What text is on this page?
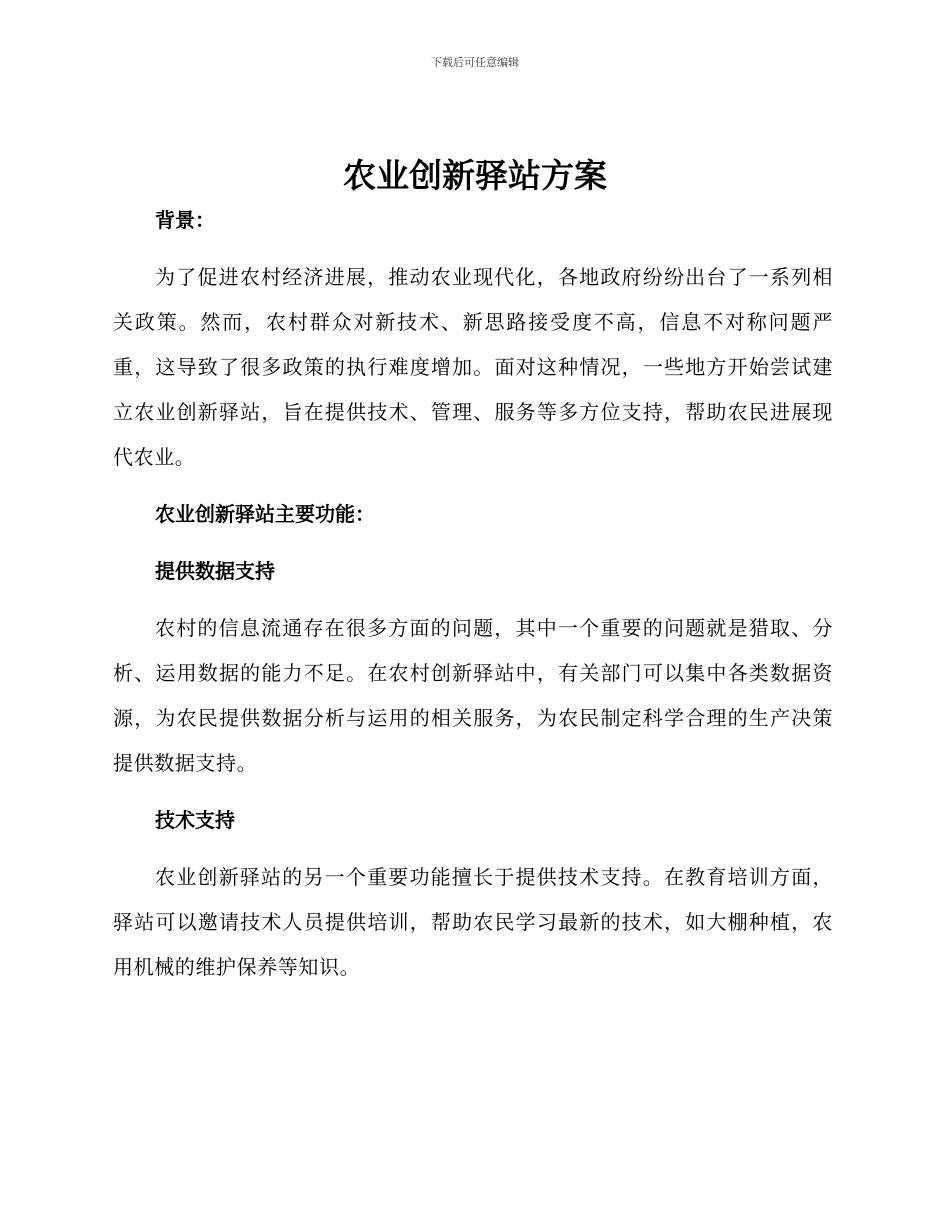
下载后可任意编辑
农业创新驿站方案

背景：

为了促进农村经济进展，推动农业现代化，各地政府纷纷出台了一系列相关政策。然而，农村群众对新技术、新思路接受度不高，信息不对称问题严重，这导致了很多政策的执行难度增加。面对这种情况，一些地方开始尝试建立农业创新驿站，旨在提供技术、管理、服务等多方位支持，帮助农民进展现代农业。

农业创新驿站主要功能：

提供数据支持

农村的信息流通存在很多方面的问题，其中一个重要的问题就是猎取、分析、运用数据的能力不足。在农村创新驿站中，有关部门可以集中各类数据资源，为农民提供数据分析与运用的相关服务，为农民制定科学合理的生产决策提供数据支持。

技术支持

农业创新驿站的另一个重要功能擅长于提供技术支持。在教育培训方面，驿站可以邀请技术人员提供培训，帮助农民学习最新的技术，如大棚种植，农用机械的维护保养等知识。
